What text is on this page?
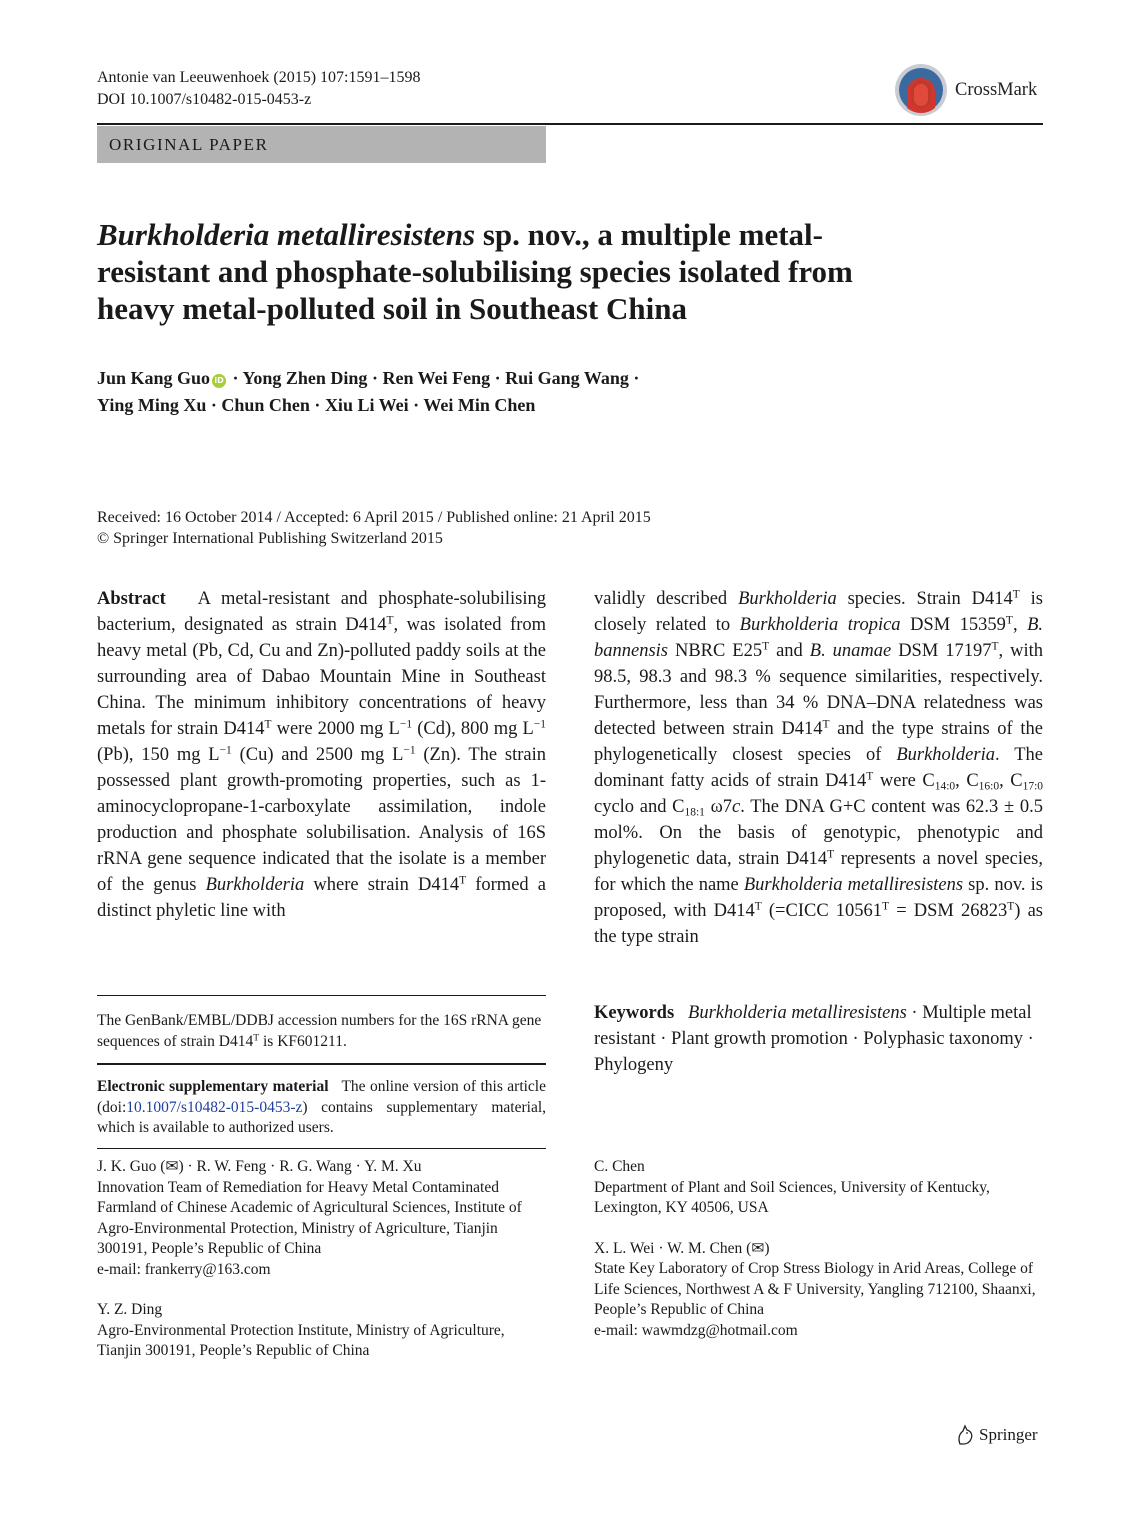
Antonie van Leeuwenhoek (2015) 107:1591–1598
DOI 10.1007/s10482-015-0453-z	CrossMark
ORIGINAL PAPER
Burkholderia metalliresistens sp. nov., a multiple metal-resistant and phosphate-solubilising species isolated from heavy metal-polluted soil in Southeast China
Jun Kang Guo iD · Yong Zhen Ding · Ren Wei Feng · Rui Gang Wang ·
Ying Ming Xu · Chun Chen · Xiu Li Wei · Wei Min Chen
Received: 16 October 2014 / Accepted: 6 April 2015 / Published online: 21 April 2015
© Springer International Publishing Switzerland 2015
Abstract A metal-resistant and phosphate-solubilising bacterium, designated as strain $D414^T$, was isolated from heavy metal (Pb, Cd, Cu and Zn)-polluted paddy soils at the surrounding area of Dabao Mountain Mine in Southeast China. The minimum inhibitory concentrations of heavy metals for strain $D414^T$ were 2000 mg $L^{-1}$ (Cd), 800 mg $L^{-1}$ (Pb), 150 mg $L^{-1}$ (Cu) and 2500 mg $L^{-1}$ (Zn). The strain possessed plant growth-promoting properties, such as 1-aminocyclopropane-1-carboxylate assimilation, indole production and phosphate solubilisation. Analysis of 16S rRNA gene sequence indicated that the isolate is a member of the genus Burkholderia where strain $D414^T$ formed a distinct phyletic line with
validly described Burkholderia species. Strain $D414^T$ is closely related to Burkholderia tropica DSM $15359^T$, B. bannensis NBRC $E25^T$ and B. unamae DSM $17197^T$, with 98.5, 98.3 and 98.3 % sequence similarities, respectively. Furthermore, less than 34 % DNA–DNA relatedness was detected between strain $D414^T$ and the type strains of the phylogenetically closest species of Burkholderia. The dominant fatty acids of strain $D414^T$ were $C_{14:0}$, $C_{16:0}$, $C_{17:0}$ cyclo and $C_{18:1}$ ω7c. The DNA G+C content was 62.3 ± 0.5 mol%. On the basis of genotypic, phenotypic and phylogenetic data, strain $D414^T$ represents a novel species, for which the name Burkholderia metalliresistens sp. nov. is proposed, with $D414^T$ (=CICC $10561^T$ = DSM $26823^T$) as the type strain
Keywords Burkholderia metalliresistens · Multiple metal resistant · Plant growth promotion · Polyphasic taxonomy · Phylogeny
The GenBank/EMBL/DDBJ accession numbers for the 16S rRNA gene sequences of strain $D414^T$ is KF601211.
Electronic supplementary material The online version of this article (doi:10.1007/s10482-015-0453-z) contains supplementary material, which is available to authorized users.
J. K. Guo (✉) · R. W. Feng · R. G. Wang · Y. M. Xu
Innovation Team of Remediation for Heavy Metal Contaminated Farmland of Chinese Academic of Agricultural Sciences, Institute of Agro-Environmental Protection, Ministry of Agriculture, Tianjin 300191, People’s Republic of China
e-mail: frankerry@163.com
Y. Z. Ding
Agro-Environmental Protection Institute, Ministry of Agriculture, Tianjin 300191, People’s Republic of China
C. Chen
Department of Plant and Soil Sciences, University of Kentucky, Lexington, KY 40506, USA
X. L. Wei · W. M. Chen (✉)
State Key Laboratory of Crop Stress Biology in Arid Areas, College of Life Sciences, Northwest A & F University, Yangling 712100, Shaanxi, People’s Republic of China
e-mail: wawmdzg@hotmail.com
Springer
